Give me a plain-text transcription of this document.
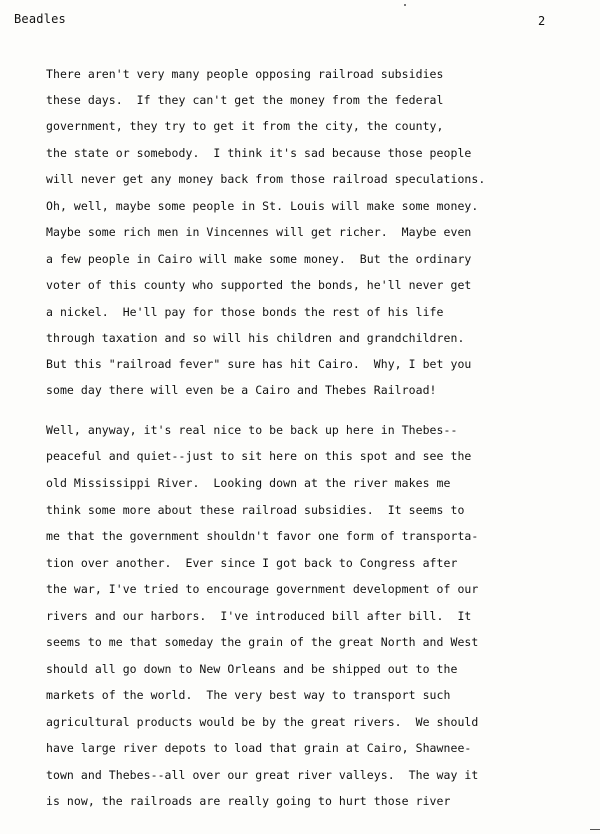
Beadles	2
There aren't very many people opposing railroad subsidies
these days.  If they can't get the money from the federal
government, they try to get it from the city, the county,
the state or somebody.  I think it's sad because those people
will never get any money back from those railroad speculations.
Oh, well, maybe some people in St. Louis will make some money.
Maybe some rich men in Vincennes will get richer.  Maybe even
a few people in Cairo will make some money.  But the ordinary
voter of this county who supported the bonds, he'll never get
a nickel.  He'll pay for those bonds the rest of his life
through taxation and so will his children and grandchildren.
But this "railroad fever" sure has hit Cairo.  Why, I bet you
some day there will even be a Cairo and Thebes Railroad!
Well, anyway, it's real nice to be back up here in Thebes--
peaceful and quiet--just to sit here on this spot and see the
old Mississippi River.  Looking down at the river makes me
think some more about these railroad subsidies.  It seems to
me that the government shouldn't favor one form of transporta-
tion over another.  Ever since I got back to Congress after
the war, I've tried to encourage government development of our
rivers and our harbors.  I've introduced bill after bill.  It
seems to me that someday the grain of the great North and West
should all go down to New Orleans and be shipped out to the
markets of the world.  The very best way to transport such
agricultural products would be by the great rivers.  We should
have large river depots to load that grain at Cairo, Shawnee-
town and Thebes--all over our great river valleys.  The way it
is now, the railroads are really going to hurt those river
